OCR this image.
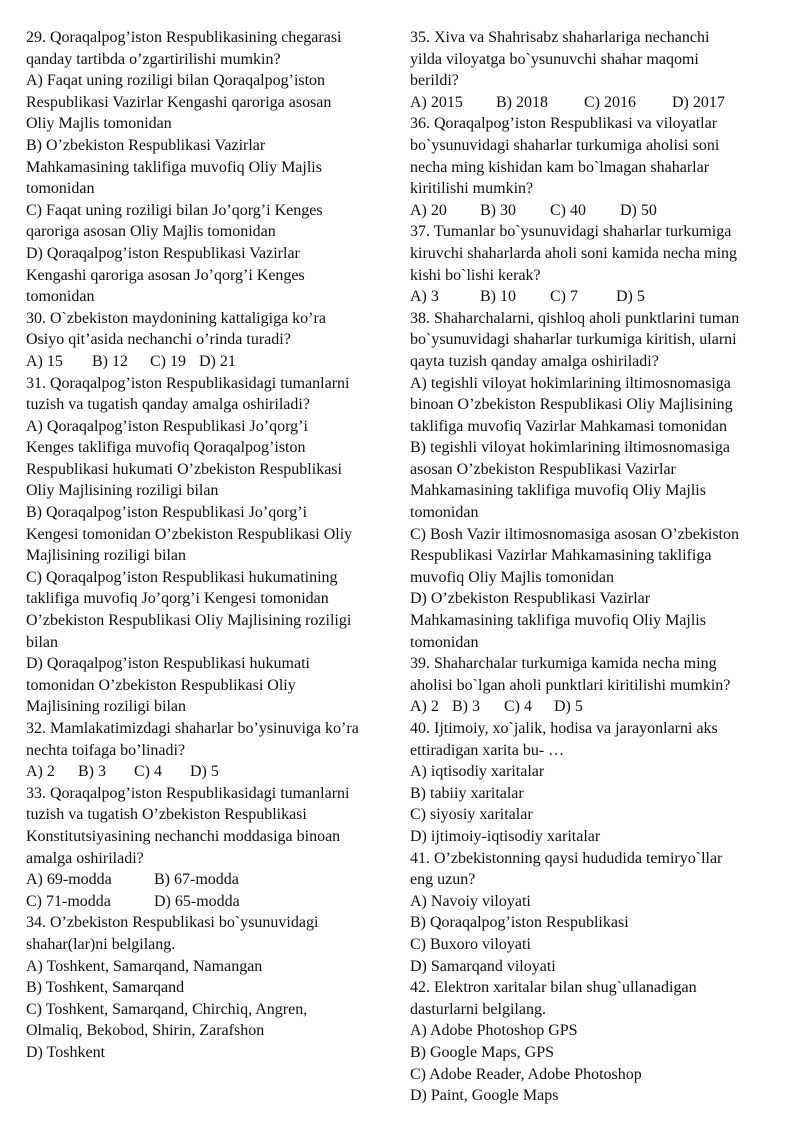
29. Qoraqalpog’iston Respublikasining chegarasi
qanday tartibda o’zgartirilishi mumkin?
A) Faqat uning roziligi bilan Qoraqalpog’iston
Respublikasi Vazirlar Kengashi qaroriga asosan
Oliy Majlis tomonidan
B) O’zbekiston Respublikasi Vazirlar
Mahkamasining taklifiga muvofiq Oliy Majlis
tomonidan
C) Faqat uning roziligi bilan Jo’qorg’i Kenges
qaroriga asosan Oliy Majlis tomonidan
D) Qoraqalpog’iston Respublikasi Vazirlar
Kengashi qaroriga asosan Jo’qorg’i Kenges
tomonidan
30. O`zbekiston maydonining kattaligiga ko’ra
Osiyo qit’asida nechanchi o’rinda turadi?
A) 15 B) 12 C) 19 D) 21
31. Qoraqalpog’iston Respublikasidagi tumanlarni
tuzish va tugatish qanday amalga oshiriladi?
A) Qoraqalpog’iston Respublikasi Jo’qorg’i
Kenges taklifiga muvofiq Qoraqalpog’iston
Respublikasi hukumati O’zbekiston Respublikasi
Oliy Majlisining roziligi bilan
B) Qoraqalpog’iston Respublikasi Jo’qorg’i
Kengesi tomonidan O’zbekiston Respublikasi Oliy
Majlisining roziligi bilan
C) Qoraqalpog’iston Respublikasi hukumatining
taklifiga muvofiq Jo’qorg’i Kengesi tomonidan
O’zbekiston Respublikasi Oliy Majlisining roziligi
bilan
D) Qoraqalpog’iston Respublikasi hukumati
tomonidan O’zbekiston Respublikasi Oliy
Majlisining roziligi bilan
32. Mamlakatimizdagi shaharlar bo’ysinuviga ko’ra
nechta toifaga bo’linadi?
A) 2 B) 3 C) 4 D) 5
33. Qoraqalpog’iston Respublikasidagi tumanlarni
tuzish va tugatish O’zbekiston Respublikasi
Konstitutsiyasining nechanchi moddasiga binoan
amalga oshiriladi?
A) 69-modda	B) 67-modda
C) 71-modda	D) 65-modda
34. O’zbekiston Respublikasi bo`ysunuvidagi
shahar(lar)ni belgilang.
A) Toshkent, Samarqand, Namangan
B) Toshkent, Samarqand
C) Toshkent, Samarqand, Chirchiq, Angren,
Olmaliq, Bekobod, Shirin, Zarafshon
D) Toshkent
35. Xiva va Shahrisabz shaharlariga nechanchi
yilda viloyatga bo`ysunuvchi shahar maqomi
berildi?
A) 2015 B) 2018 C) 2016 D) 2017
36. Qoraqalpog’iston Respublikasi va viloyatlar
bo`ysunuvidagi shaharlar turkumiga aholisi soni
necha ming kishidan kam bo`lmagan shaharlar
kiritilishi mumkin?
A) 20 B) 30 C) 40 D) 50
37. Tumanlar bo`ysunuvidagi shaharlar turkumiga
kiruvchi shaharlarda aholi soni kamida necha ming
kishi bo`lishi kerak?
A) 3	B) 10 C) 7 D) 5
38. Shaharchalarni, qishloq aholi punktlarini tuman
bo`ysunuvidagi shaharlar turkumiga kiritish, ularni
qayta tuzish qanday amalga oshiriladi?
A) tegishli viloyat hokimlarining iltimosnomasiga
binoan O’zbekiston Respublikasi Oliy Majlisining
taklifiga muvofiq Vazirlar Mahkamasi tomonidan
B) tegishli viloyat hokimlarining iltimosnomasiga
asosan O’zbekiston Respublikasi Vazirlar
Mahkamasining taklifiga muvofiq Oliy Majlis
tomonidan
C) Bosh Vazir iltimosnomasiga asosan O’zbekiston
Respublikasi Vazirlar Mahkamasining taklifiga
muvofiq Oliy Majlis tomonidan
D) O’zbekiston Respublikasi Vazirlar
Mahkamasining taklifiga muvofiq Oliy Majlis
tomonidan
39. Shaharchalar turkumiga kamida necha ming
aholisi bo`lgan aholi punktlari kiritilishi mumkin?
A) 2 B) 3 C) 4 D) 5
40. Ijtimoiy, xo`jalik, hodisa va jarayonlarni aks
ettiradigan xarita bu- …
A) iqtisodiy xaritalar
B) tabiiy xaritalar
C) siyosiy xaritalar
D) ijtimoiy-iqtisodiy xaritalar
41. O’zbekistonning qaysi hududida temiryo`llar
eng uzun?
A) Navoiy viloyati
B) Qoraqalpog’iston Respublikasi
C) Buxoro viloyati
D) Samarqand viloyati
42. Elektron xaritalar bilan shug`ullanadigan
dasturlarni belgilang.
A) Adobe Photoshop GPS
B) Google Maps, GPS
C) Adobe Reader, Adobe Photoshop
D) Paint, Google Maps
